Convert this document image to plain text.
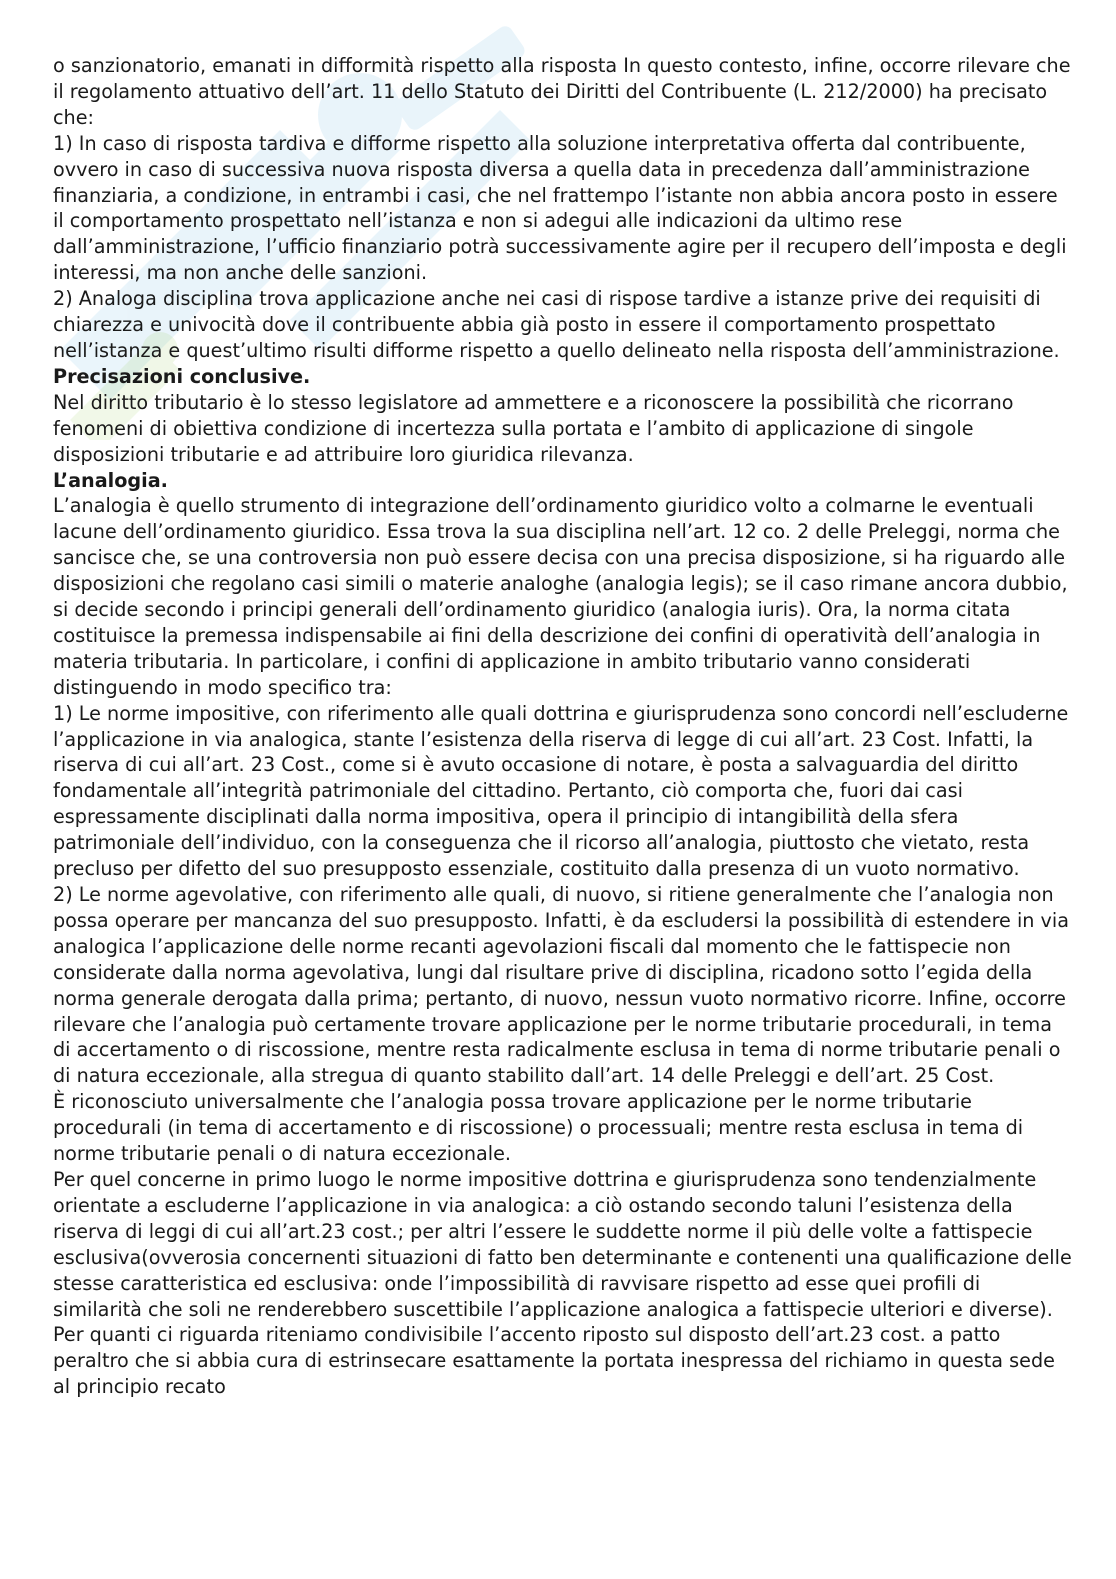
o sanzionatorio, emanati in difformità rispetto alla risposta In questo contesto, infine, occorre rilevare che il regolamento attuativo dell’art. 11 dello Statuto dei Diritti del Contribuente (L. 212/2000) ha precisato che:

1) In caso di risposta tardiva e difforme rispetto alla soluzione interpretativa offerta dal contribuente, ovvero in caso di successiva nuova risposta diversa a quella data in precedenza dall’amministrazione finanziaria, a condizione, in entrambi i casi, che nel frattempo l’istante non abbia ancora posto in essere il comportamento prospettato nell’istanza e non si adegui alle indicazioni da ultimo rese dall’amministrazione, l’ufficio finanziario potrà successivamente agire per il recupero dell’imposta e degli interessi, ma non anche delle sanzioni.

2) Analoga disciplina trova applicazione anche nei casi di rispose tardive a istanze prive dei requisiti di chiarezza e univocità dove il contribuente abbia già posto in essere il comportamento prospettato nell’istanza e quest’ultimo risulti difforme rispetto a quello delineato nella risposta dell’amministrazione.

Precisazioni conclusive.

Nel diritto tributario è lo stesso legislatore ad ammettere e a riconoscere la possibilità che ricorrano fenomeni di obiettiva condizione di incertezza sulla portata e l’ambito di applicazione di singole disposizioni tributarie e ad attribuire loro giuridica rilevanza.

L’analogia.

L’analogia è quello strumento di integrazione dell’ordinamento giuridico volto a colmarne le eventuali lacune dell’ordinamento giuridico. Essa trova la sua disciplina nell’art. 12 co. 2 delle Preleggi, norma che sancisce che, se una controversia non può essere decisa con una precisa disposizione, si ha riguardo alle disposizioni che regolano casi simili o materie analoghe (analogia legis); se il caso rimane ancora dubbio, si decide secondo i principi generali dell’ordinamento giuridico (analogia iuris). Ora, la norma citata costituisce la premessa indispensabile ai fini della descrizione dei confini di operatività dell’analogia in materia tributaria. In particolare, i confini di applicazione in ambito tributario vanno considerati distinguendo in modo specifico tra:

1) Le norme impositive, con riferimento alle quali dottrina e giurisprudenza sono concordi nell’escluderne l’applicazione in via analogica, stante l’esistenza della riserva di legge di cui all’art. 23 Cost. Infatti, la riserva di cui all’art. 23 Cost., come si è avuto occasione di notare, è posta a salvaguardia del diritto fondamentale all’integrità patrimoniale del cittadino. Pertanto, ciò comporta che, fuori dai casi espressamente disciplinati dalla norma impositiva, opera il principio di intangibilità della sfera patrimoniale dell’individuo, con la conseguenza che il ricorso all’analogia, piuttosto che vietato, resta precluso per difetto del suo presupposto essenziale, costituito dalla presenza di un vuoto normativo.

2) Le norme agevolative, con riferimento alle quali, di nuovo, si ritiene generalmente che l’analogia non possa operare per mancanza del suo presupposto. Infatti, è da escludersi la possibilità di estendere in via analogica l’applicazione delle norme recanti agevolazioni fiscali dal momento che le fattispecie non considerate dalla norma agevolativa, lungi dal risultare prive di disciplina, ricadono sotto l’egida della norma generale derogata dalla prima; pertanto, di nuovo, nessun vuoto normativo ricorre. Infine, occorre rilevare che l’analogia può certamente trovare applicazione per le norme tributarie procedurali, in tema di accertamento o di riscossione, mentre resta radicalmente esclusa in tema di norme tributarie penali o di natura eccezionale, alla stregua di quanto stabilito dall’art. 14 delle Preleggi e dell’art. 25 Cost.

È riconosciuto universalmente che l’analogia possa trovare applicazione per le norme tributarie procedurali (in tema di accertamento e di riscossione) o processuali; mentre resta esclusa in tema di norme tributarie penali o di natura eccezionale.

Per quel concerne in primo luogo le norme impositive dottrina e giurisprudenza sono tendenzialmente orientate a escluderne l’applicazione in via analogica: a ciò ostando secondo taluni l’esistenza della riserva di leggi di cui all’art.23 cost.; per altri l’essere le suddette norme il più delle volte a fattispecie esclusiva(ovverosia concernenti situazioni di fatto ben determinante e contenenti una qualificazione delle stesse caratteristica ed esclusiva: onde l’impossibilità di ravvisare rispetto ad esse quei profili di similarità che soli ne renderebbero suscettibile l’applicazione analogica a fattispecie ulteriori e diverse). Per quanti ci riguarda riteniamo condivisibile l’accento riposto sul disposto dell’art.23 cost. a patto peraltro che si abbia cura di estrinsecare esattamente la portata inespressa del richiamo in questa sede al principio recato
